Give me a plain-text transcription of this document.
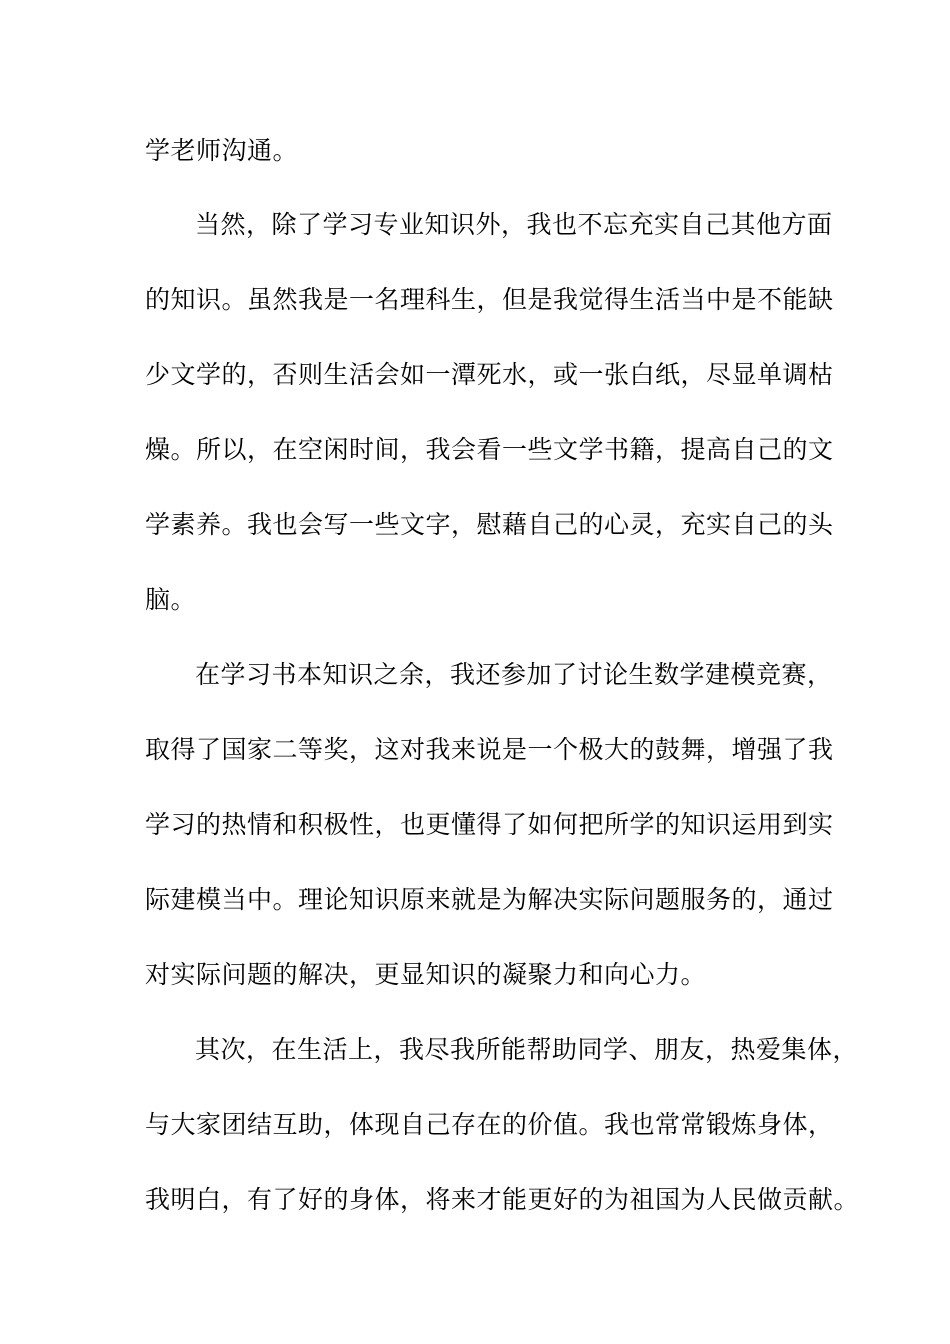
学老师沟通。
当然，除了学习专业知识外，我也不忘充实自己其他方面
的知识。虽然我是一名理科生，但是我觉得生活当中是不能缺
少文学的，否则生活会如一潭死水，或一张白纸，尽显单调枯
燥。所以，在空闲时间，我会看一些文学书籍，提高自己的文
学素养。我也会写一些文字，慰藉自己的心灵，充实自己的头
脑。
在学习书本知识之余，我还参加了讨论生数学建模竞赛，
取得了国家二等奖，这对我来说是一个极大的鼓舞，增强了我
学习的热情和积极性，也更懂得了如何把所学的知识运用到实
际建模当中。理论知识原来就是为解决实际问题服务的，通过
对实际问题的解决，更显知识的凝聚力和向心力。
其次，在生活上，我尽我所能帮助同学、朋友，热爱集体，
与大家团结互助，体现自己存在的价值。我也常常锻炼身体，
我明白，有了好的身体，将来才能更好的为祖国为人民做贡献。
